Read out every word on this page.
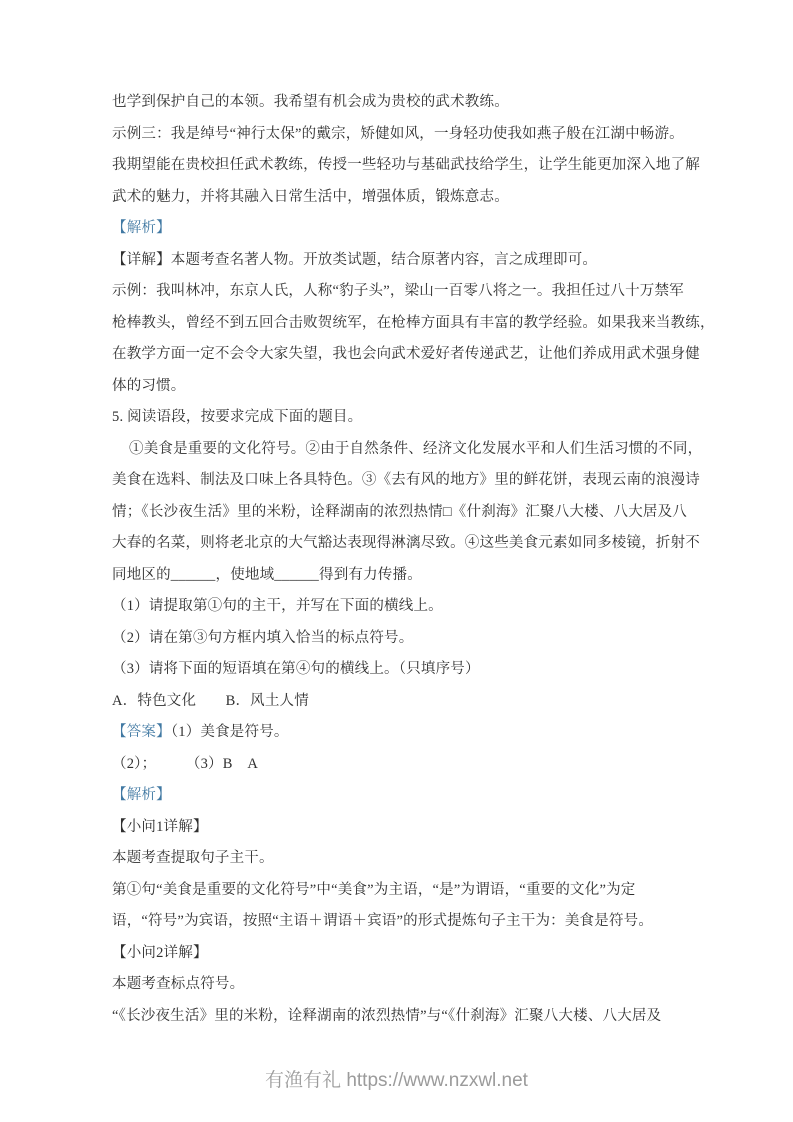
也学到保护自己的本领。我希望有机会成为贵校的武术教练。
示例三：我是绰号“神行太保”的戴宗，矫健如风，一身轻功使我如燕子般在江湖中畅游。
我期望能在贵校担任武术教练，传授一些轻功与基础武技给学生，让学生能更加深入地了解
武术的魅力，并将其融入日常生活中，增强体质，锻炼意志。
【解析】
【详解】本题考查名著人物。开放类试题，结合原著内容，言之成理即可。
示例：我叫林冲，东京人氏，人称“豹子头”，梁山一百零八将之一。我担任过八十万禁军
枪棒教头，曾经不到五回合击败贺统军，在枪棒方面具有丰富的教学经验。如果我来当教练，
在教学方面一定不会令大家失望，我也会向武术爱好者传递武艺，让他们养成用武术强身健
体的习惯。
5. 阅读语段，按要求完成下面的题目。
①美食是重要的文化符号。②由于自然条件、经济文化发展水平和人们生活习惯的不同，
美食在选料、制法及口味上各具特色。③《去有风的地方》里的鲜花饼，表现云南的浪漫诗
情；《长沙夜生活》里的米粉，诠释湖南的浓烈热情□《什刹海》汇聚八大楼、八大居及八
大春的名菜，则将老北京的大气豁达表现得淋漓尽致。④这些美食元素如同多棱镜，折射不
同地区的______，使地域______得到有力传播。
（1）请提取第①句的主干，并写在下面的横线上。
（2）请在第③句方框内填入恰当的标点符号。
（3）请将下面的短语填在第④句的横线上。（只填序号）
A．特色文化　　B．风土人情
【答案】（1）美食是符号。
（2）；　　　（3）B　A
【解析】
【小问1详解】
本题考查提取句子主干。
第①句“美食是重要的文化符号”中“美食”为主语，“是”为谓语，“重要的文化”为定
语，“符号”为宾语，按照“主语＋谓语＋宾语”的形式提炼句子主干为：美食是符号。
【小问2详解】
本题考查标点符号。
“《长沙夜生活》里的米粉，诠释湖南的浓烈热情”与“《什刹海》汇聚八大楼、八大居及
有渔有礼 https://www.nzxwl.net
